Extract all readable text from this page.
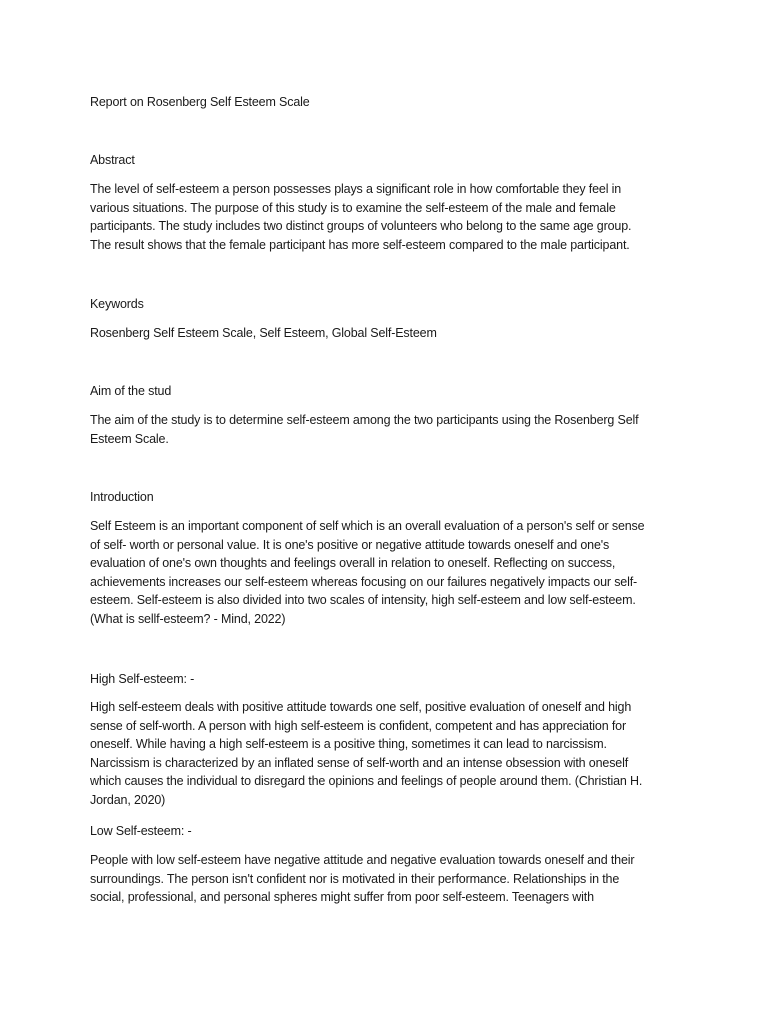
Report on Rosenberg Self Esteem Scale

Abstract

The level of self-esteem a person possesses plays a significant role in how comfortable they feel in
various situations. The purpose of this study is to examine the self-esteem of the male and female
participants. The study includes two distinct groups of volunteers who belong to the same age group.
The result shows that the female participant has more self-esteem compared to the male participant.

Keywords

Rosenberg Self Esteem Scale, Self Esteem, Global Self-Esteem

Aim of the stud

The aim of the study is to determine self-esteem among the two participants using the Rosenberg Self
Esteem Scale.

Introduction

Self Esteem is an important component of self which is an overall evaluation of a person's self or sense
of self- worth or personal value. It is one's positive or negative attitude towards oneself and one's
evaluation of one's own thoughts and feelings overall in relation to oneself. Reflecting on success,
achievements increases our self-esteem whereas focusing on our failures negatively impacts our self-
esteem. Self-esteem is also divided into two scales of intensity, high self-esteem and low self-esteem.
(What is sellf-esteem? - Mind, 2022)

High Self-esteem: -

High self-esteem deals with positive attitude towards one self, positive evaluation of oneself and high
sense of self-worth. A person with high self-esteem is confident, competent and has appreciation for
oneself. While having a high self-esteem is a positive thing, sometimes it can lead to narcissism.
Narcissism is characterized by an inflated sense of self-worth and an intense obsession with oneself
which causes the individual to disregard the opinions and feelings of people around them. (Christian H.
Jordan, 2020)

Low Self-esteem: -

People with low self-esteem have negative attitude and negative evaluation towards oneself and their
surroundings. The person isn't confident nor is motivated in their performance. Relationships in the
social, professional, and personal spheres might suffer from poor self-esteem. Teenagers with
